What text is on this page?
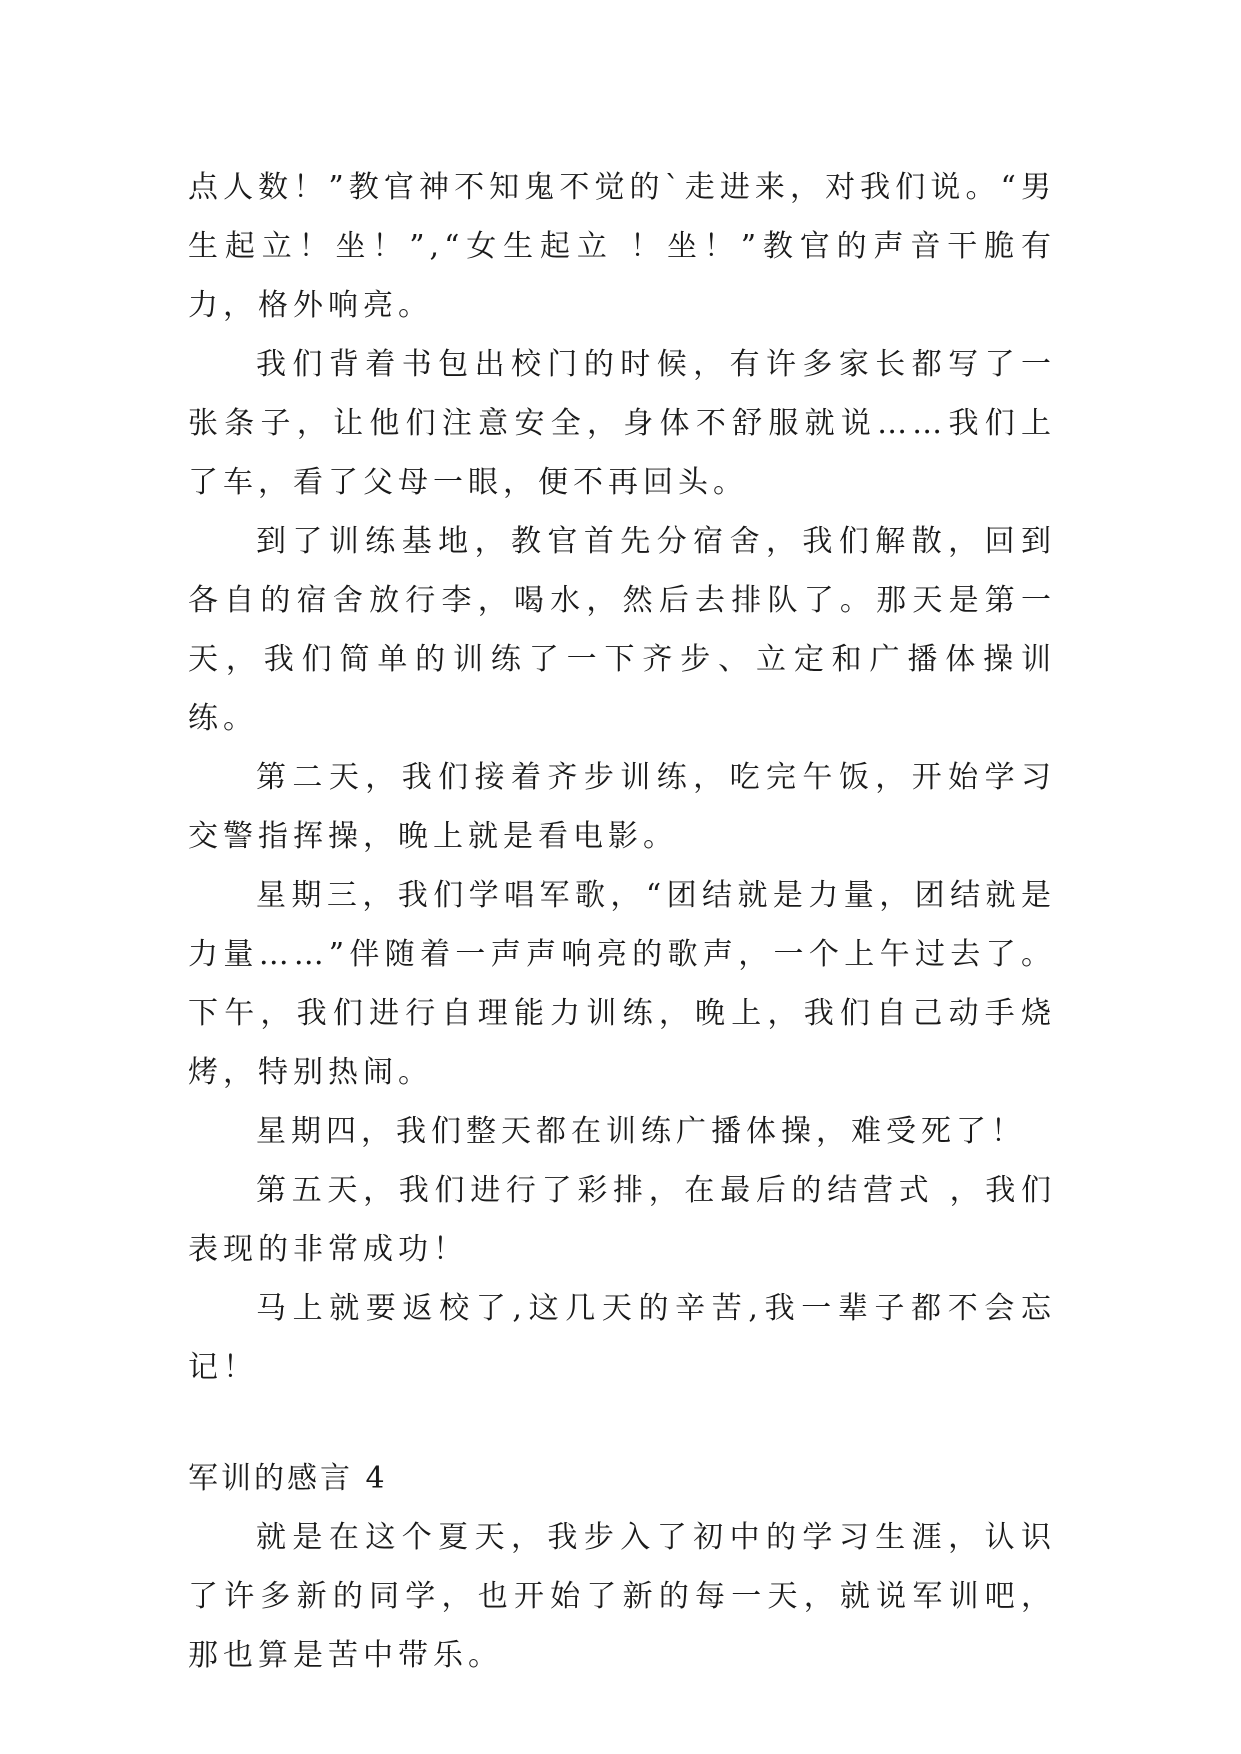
点人数！”教官神不知鬼不觉的`走进来，对我们说。“男生起立！坐！”,“女生起立 ！坐！”教官的声音干脆有力，格外响亮。

我们背着书包出校门的时候，有许多家长都写了一张条子，让他们注意安全，身体不舒服就说……我们上了车，看了父母一眼，便不再回头。

到了训练基地，教官首先分宿舍，我们解散，回到各自的宿舍放行李，喝水，然后去排队了。那天是第一天，我们简单的训练了一下齐步、立定和广播体操训练。

第二天，我们接着齐步训练，吃完午饭，开始学习交警指挥操，晚上就是看电影。

星期三，我们学唱军歌，“团结就是力量，团结就是力量……”伴随着一声声响亮的歌声，一个上午过去了。下午，我们进行自理能力训练，晚上，我们自己动手烧烤，特别热闹。

星期四，我们整天都在训练广播体操，难受死了！

第五天，我们进行了彩排，在最后的结营式 ，我们表现的非常成功！

马上就要返校了,这几天的辛苦,我一辈子都不会忘记！

军训的感言 4

就是在这个夏天，我步入了初中的学习生涯，认识了许多新的同学，也开始了新的每一天，就说军训吧，那也算是苦中带乐。
